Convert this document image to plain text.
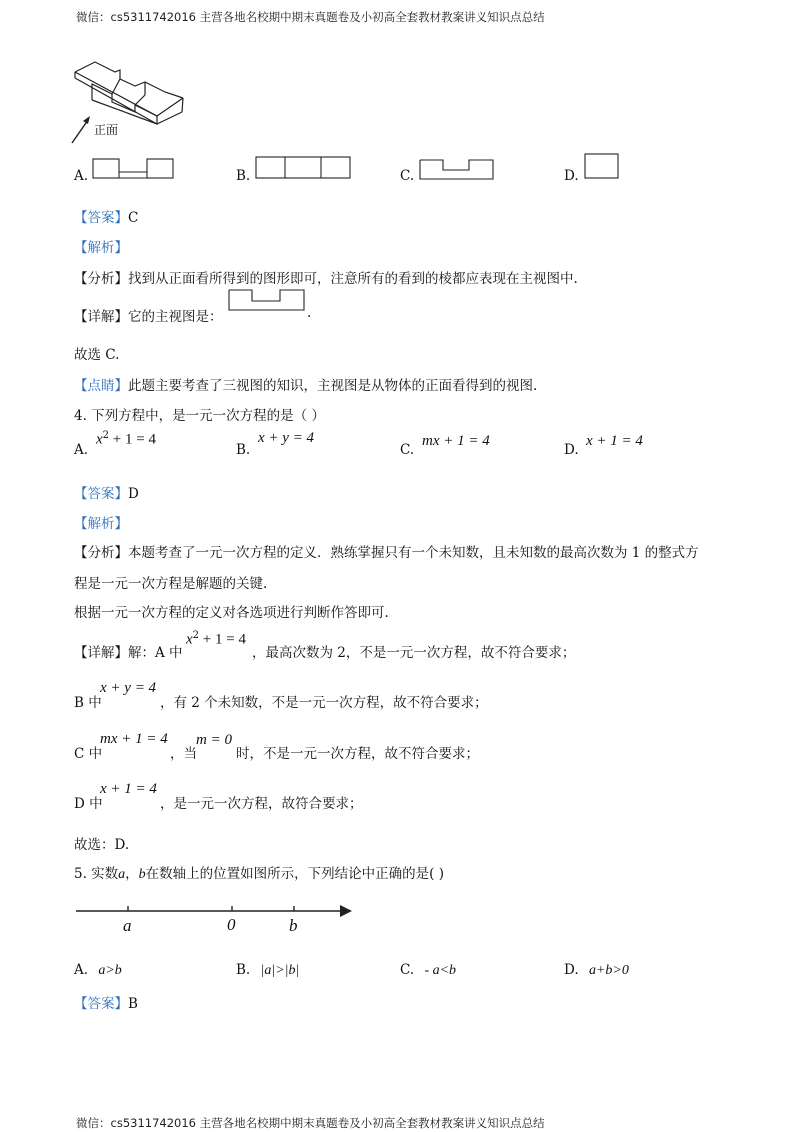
微信：cs5311742016 主营各地名校期中期末真题卷及小初高全套教材教案讲义知识点总结
正面
A.	B.	C.	D.
【答案】C
【解析】
【分析】找到从正面看所得到的图形即可，注意所有的看到的棱都应表现在主视图中.
【详解】它的主视图是：	.
故选 C.
【点睛】此题主要考查了三视图的知识，主视图是从物体的正面看得到的视图.
4. 下列方程中，是一元一次方程的是（ ）
A.
$x^2 + 1 = 4$
B.
x + y = 4
C.
mx + 1 = 4
D.
x + 1 = 4
【答案】D
【解析】
【分析】本题考查了一元一次方程的定义．熟练掌握只有一个未知数，且未知数的最高次数为 1 的整式方
程是一元一次方程是解题的关键.
根据一元一次方程的定义对各选项进行判断作答即可.
【详解】解：A 中
$x^2 + 1 = 4$
，最高次数为 2，不是一元一次方程，故不符合要求；
B 中
x + y = 4
，有 2 个未知数，不是一元一次方程，故不符合要求；
C 中
mx + 1 = 4
，当
m = 0
时，不是一元一次方程，故不符合要求；
D 中
x + 1 = 4
，是一元一次方程，故符合要求；
故选：D.
5. 实数a，b在数轴上的位置如图所示，下列结论中正确的是( )
a	0	b
A. a>b	B. |a|>|b|	C. - a<b	D. a+b>0
【答案】B
微信：cs5311742016 主营各地名校期中期末真题卷及小初高全套教材教案讲义知识点总结
